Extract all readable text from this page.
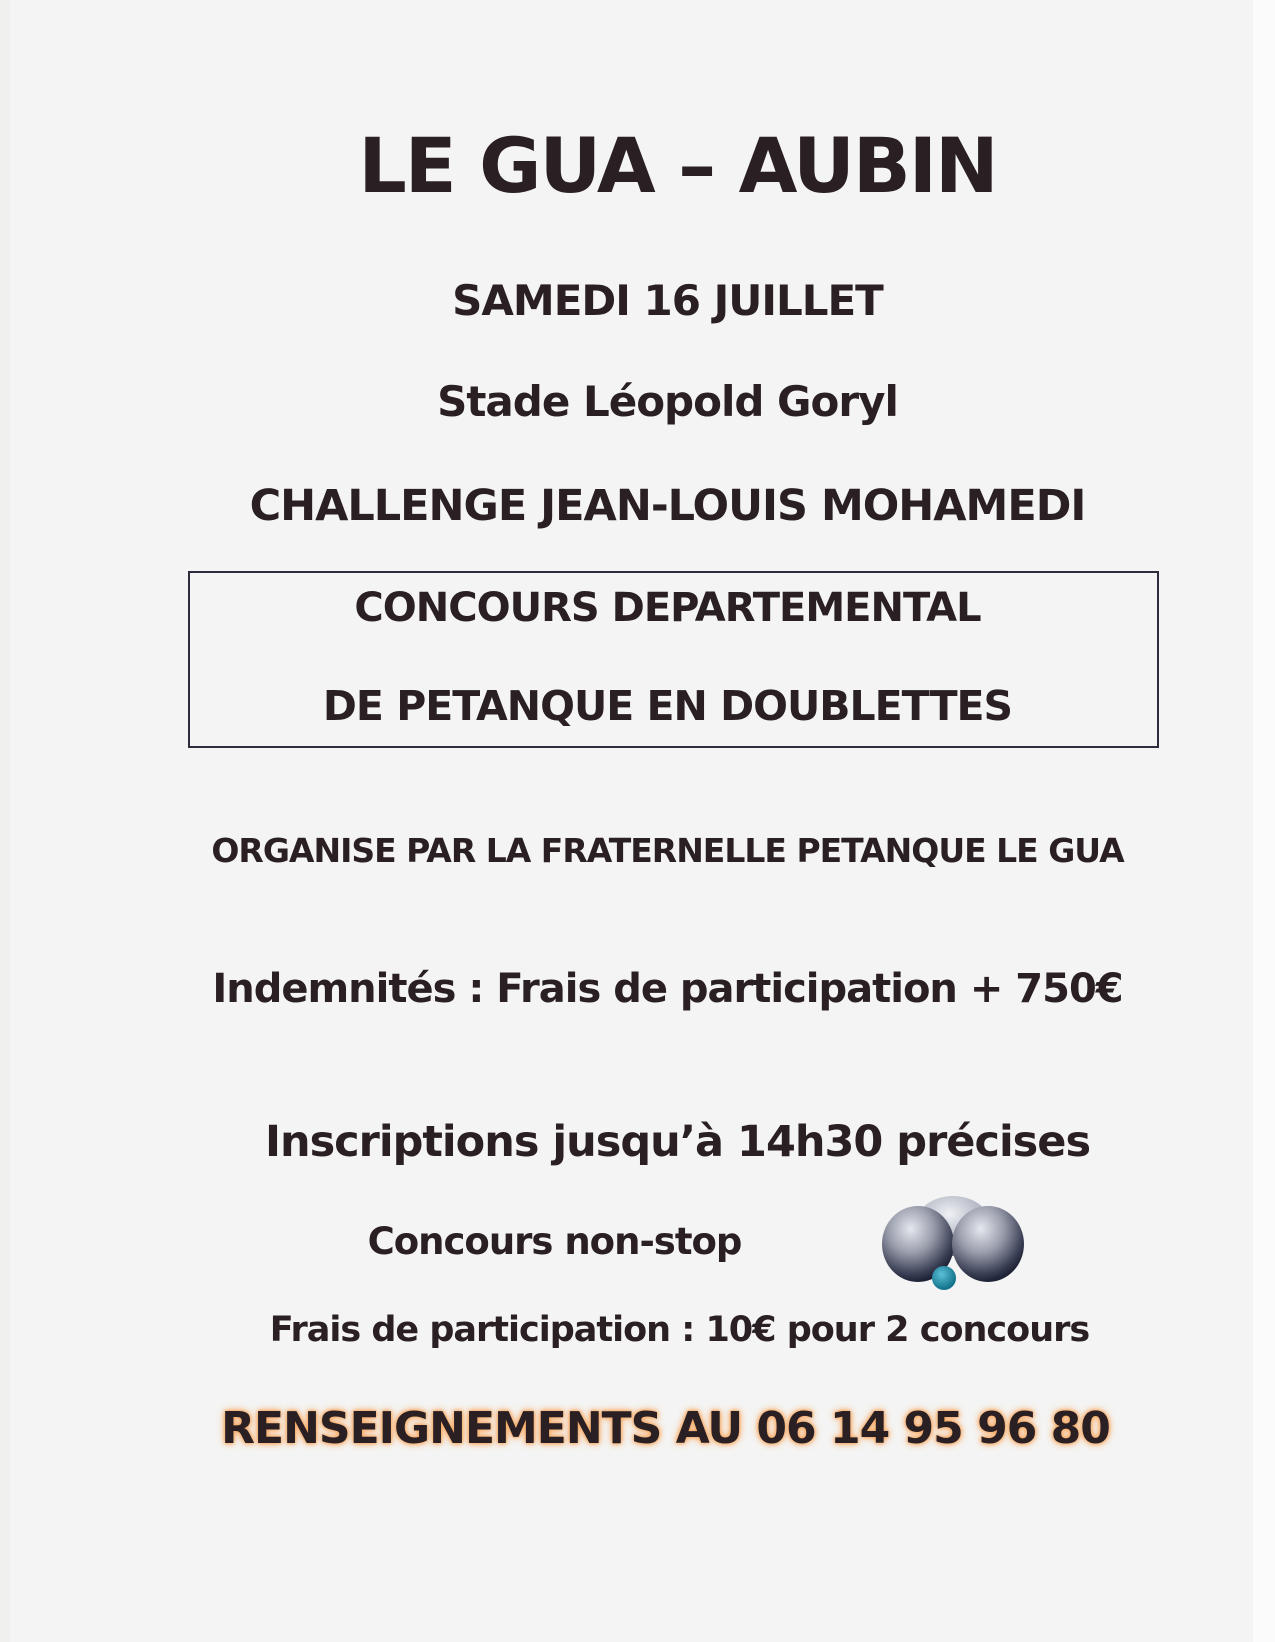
LE GUA – AUBIN
SAMEDI 16 JUILLET
Stade Léopold Goryl
CHALLENGE JEAN-LOUIS MOHAMEDI
CONCOURS DEPARTEMENTAL
DE PETANQUE EN DOUBLETTES
ORGANISE PAR LA FRATERNELLE PETANQUE LE GUA
Indemnités : Frais de participation + 750€
Inscriptions jusqu’à 14h30 précises
Concours non-stop
Frais de participation : 10€ pour 2 concours
RENSEIGNEMENTS AU 06 14 95 96 80
